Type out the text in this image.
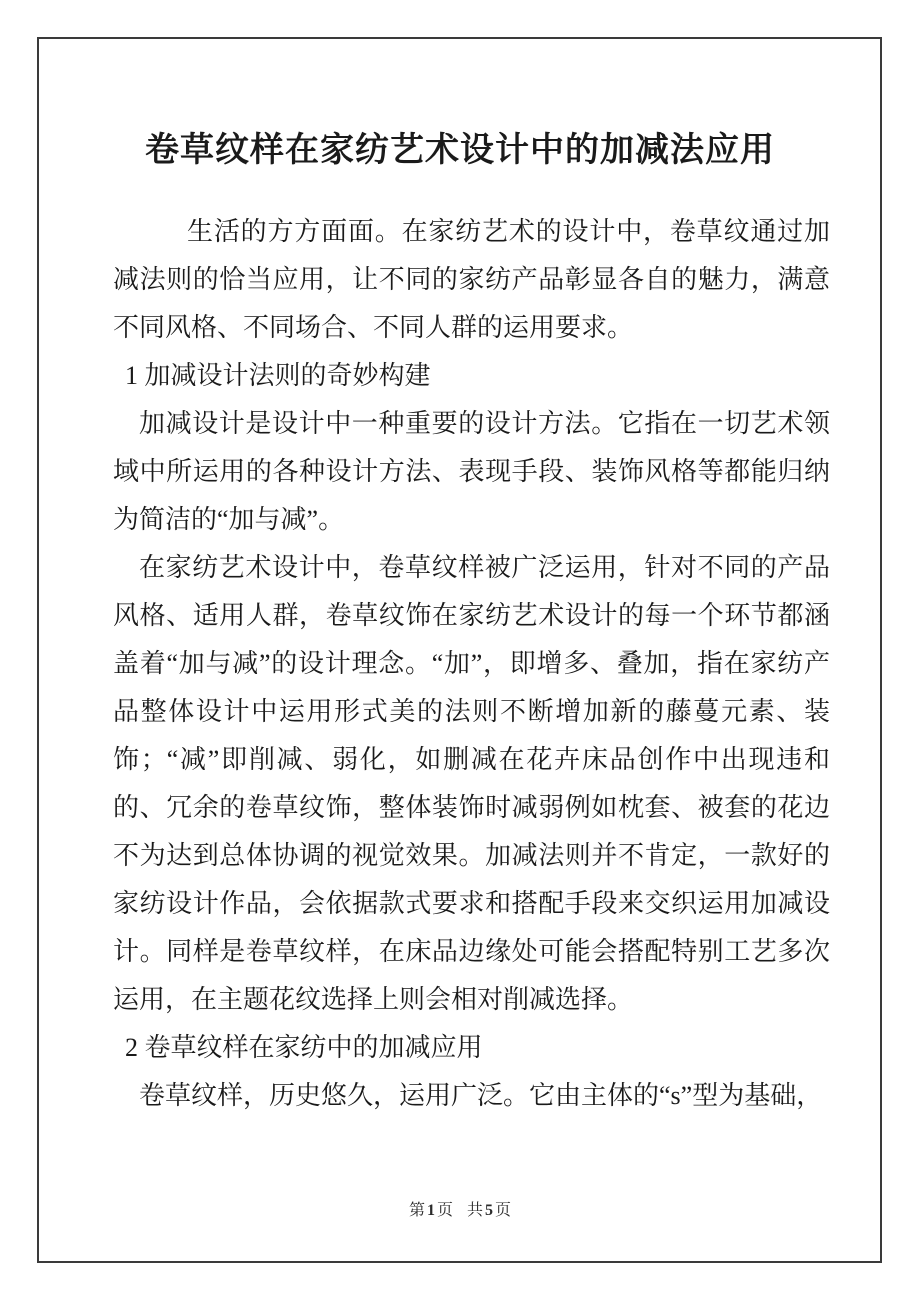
卷草纹样在家纺艺术设计中的加减法应用

生活的方方面面。在家纺艺术的设计中，卷草纹通过加减法则的恰当应用，让不同的家纺产品彰显各自的魅力，满意不同风格、不同场合、不同人群的运用要求。

1 加减设计法则的奇妙构建

加减设计是设计中一种重要的设计方法。它指在一切艺术领域中所运用的各种设计方法、表现手段、装饰风格等都能归纳为简洁的“加与减”。

在家纺艺术设计中，卷草纹样被广泛运用，针对不同的产品风格、适用人群，卷草纹饰在家纺艺术设计的每一个环节都涵盖着“加与减”的设计理念。“加”，即增多、叠加，指在家纺产品整体设计中运用形式美的法则不断增加新的藤蔓元素、装饰；“减”即削减、弱化，如删减在花卉床品创作中出现违和的、冗余的卷草纹饰，整体装饰时减弱例如枕套、被套的花边不为达到总体协调的视觉效果。加减法则并不肯定，一款好的家纺设计作品，会依据款式要求和搭配手段来交织运用加减设计。同样是卷草纹样，在床品边缘处可能会搭配特别工艺多次运用，在主题花纹选择上则会相对削减选择。

2 卷草纹样在家纺中的加减应用

卷草纹样，历史悠久，运用广泛。它由主体的“s”型为基础，

第 1 页 共 5 页
